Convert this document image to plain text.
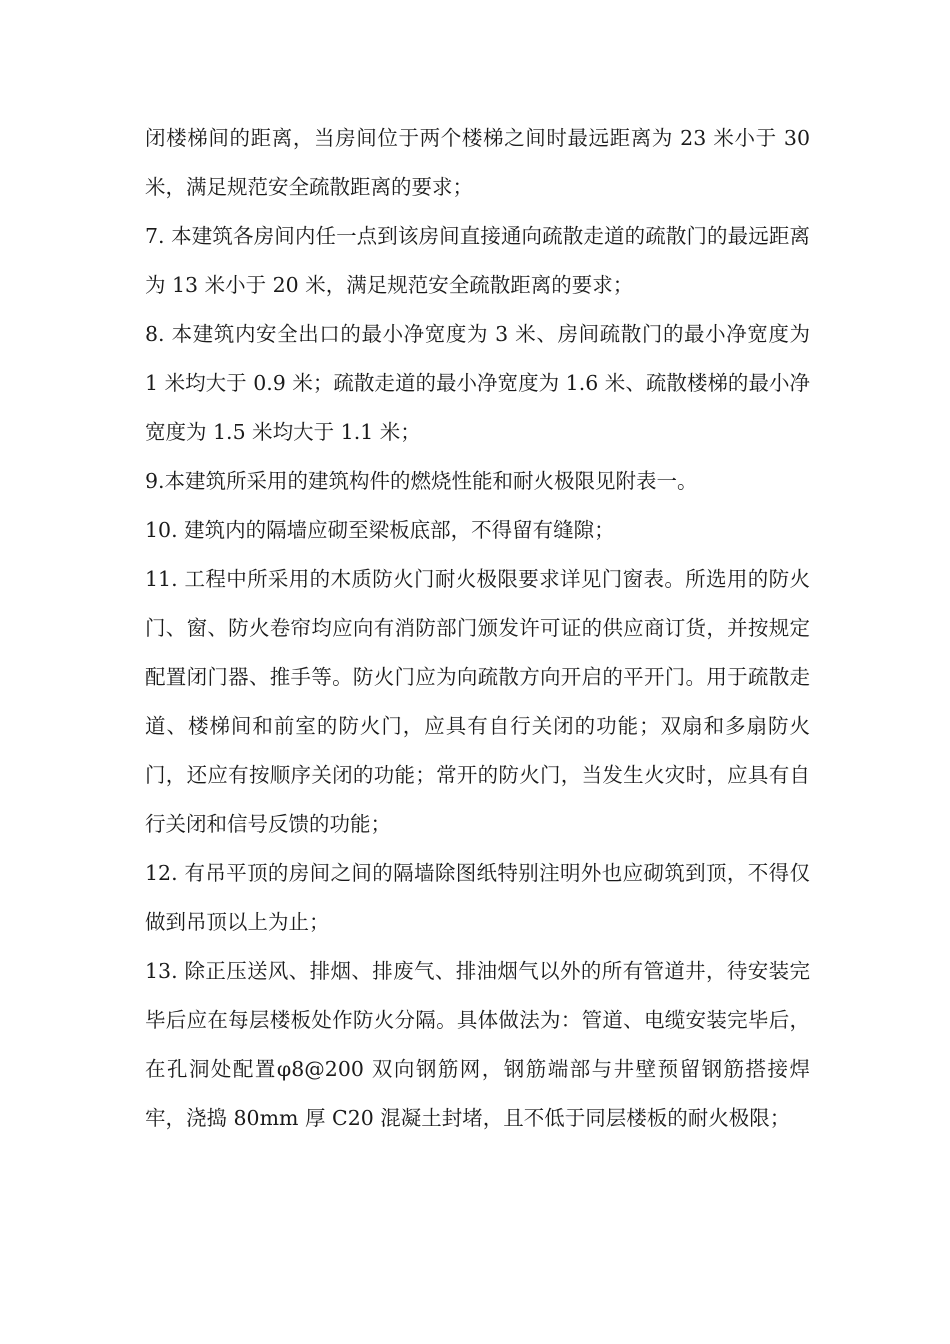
闭楼梯间的距离，当房间位于两个楼梯之间时最远距离为 23 米小于 30 米，满足规范安全疏散距离的要求；

7. 本建筑各房间内任一点到该房间直接通向疏散走道的疏散门的最远距离为 13 米小于 20 米，满足规范安全疏散距离的要求；

8. 本建筑内安全出口的最小净宽度为 3 米、房间疏散门的最小净宽度为 1 米均大于 0.9 米；疏散走道的最小净宽度为 1.6 米、疏散楼梯的最小净宽度为 1.5 米均大于 1.1 米；

9.本建筑所采用的建筑构件的燃烧性能和耐火极限见附表一。

10. 建筑内的隔墙应砌至梁板底部，不得留有缝隙；

11. 工程中所采用的木质防火门耐火极限要求详见门窗表。所选用的防火门、窗、防火卷帘均应向有消防部门颁发许可证的供应商订货，并按规定配置闭门器、推手等。防火门应为向疏散方向开启的平开门。用于疏散走道、楼梯间和前室的防火门，应具有自行关闭的功能；双扇和多扇防火门，还应有按顺序关闭的功能；常开的防火门，当发生火灾时，应具有自行关闭和信号反馈的功能；

12. 有吊平顶的房间之间的隔墙除图纸特别注明外也应砌筑到顶，不得仅做到吊顶以上为止；

13. 除正压送风、排烟、排废气、排油烟气以外的所有管道井，待安装完毕后应在每层楼板处作防火分隔。具体做法为：管道、电缆安装完毕后，在孔洞处配置φ8@200 双向钢筋网，钢筋端部与井壁预留钢筋搭接焊牢，浇捣 80mm 厚 C20 混凝土封堵，且不低于同层楼板的耐火极限；
